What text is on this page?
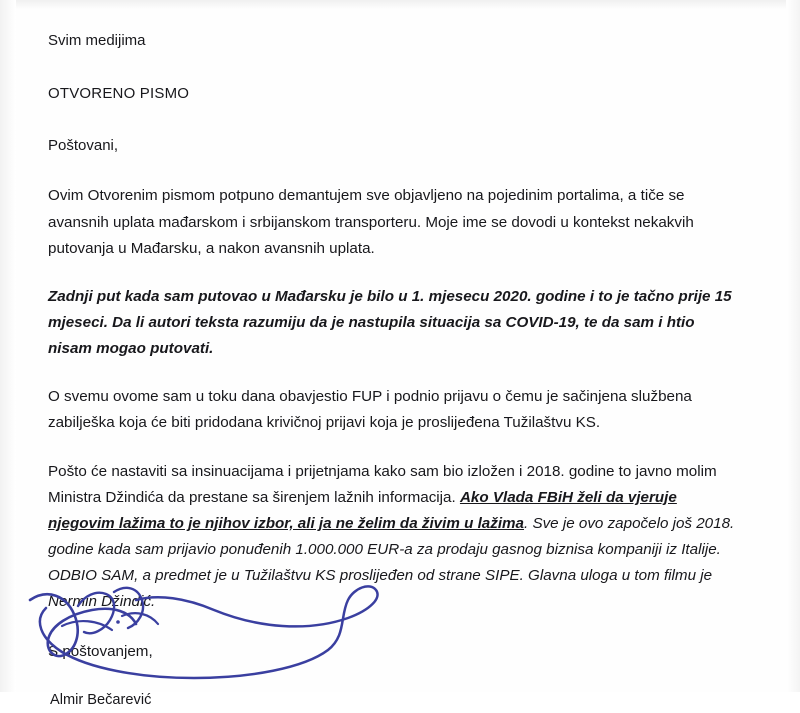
Svim medijima

OTVORENO PISMO

Poštovani,

Ovim Otvorenim pismom potpuno demantujem sve objavljeno na pojedinim portalima, a tiče se avansnih uplata mađarskom i srbijanskom transporteru. Moje ime se dovodi u kontekst nekakvih putovanja u Mađarsku, a nakon avansnih uplata.

Zadnji put kada sam putovao u Mađarsku je bilo u 1. mjesecu 2020. godine i to je tačno prije 15 mjeseci. Da li autori teksta razumiju da je nastupila situacija sa COVID-19, te da sam i htio nisam mogao putovati.

O svemu ovome sam u toku dana obavjestio FUP i podnio prijavu o čemu je sačinjena službena zabilješka koja će biti pridodana krivičnoj prijavi koja je proslijeđena Tužilaštvu KS.

Pošto će nastaviti sa insinuacijama i prijetnjama kako sam bio izložen i 2018. godine to javno molim Ministra Džindića da prestane sa širenjem lažnih informacija. Ako Vlada FBiH želi da vjeruje njegovim lažima to je njihov izbor, ali ja ne želim da živim u lažima. Sve je ovo započelo još 2018. godine kada sam prijavio ponuđenih 1.000.000 EUR-a za prodaju gasnog biznisa kompaniji iz Italije. ODBIO SAM, a predmet je u Tužilaštvu KS proslijeđen od strane SIPE. Glavna uloga u tom filmu je Nermin Džindić.

S poštovanjem,

Almir Bečarević
